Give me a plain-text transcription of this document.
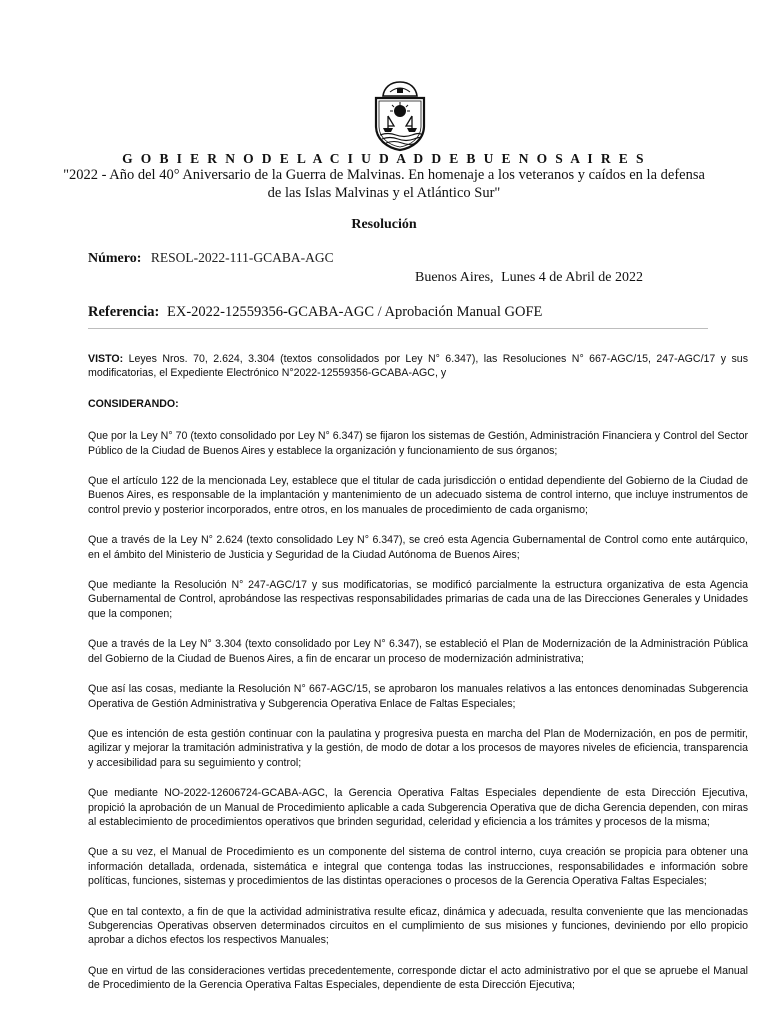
G O B I E R N O D E L A C I U D A D D E B U E N O S A I R E S
"2022 - Año del 40° Aniversario de la Guerra de Malvinas. En homenaje a los veteranos y caídos en la defensa de las Islas Malvinas y el Atlántico Sur"
Resolución
Número: RESOL-2022-111-GCABA-AGC
Buenos Aires, Lunes 4 de Abril de 2022
Referencia: EX-2022-12559356-GCABA-AGC / Aprobación Manual GOFE

VISTO: Leyes Nros. 70, 2.624, 3.304 (textos consolidados por Ley N° 6.347), las Resoluciones N° 667-AGC/15, 247-AGC/17 y sus modificatorias, el Expediente Electrónico N°2022-12559356-GCABA-AGC, y

CONSIDERANDO:

Que por la Ley N° 70 (texto consolidado por Ley N° 6.347) se fijaron los sistemas de Gestión, Administración Financiera y Control del Sector Público de la Ciudad de Buenos Aires y establece la organización y funcionamiento de sus órganos;

Que el artículo 122 de la mencionada Ley, establece que el titular de cada jurisdicción o entidad dependiente del Gobierno de la Ciudad de Buenos Aires, es responsable de la implantación y mantenimiento de un adecuado sistema de control interno, que incluye instrumentos de control previo y posterior incorporados, entre otros, en los manuales de procedimiento de cada organismo;

Que a través de la Ley N° 2.624 (texto consolidado Ley N° 6.347), se creó esta Agencia Gubernamental de Control como ente autárquico, en el ámbito del Ministerio de Justicia y Seguridad de la Ciudad Autónoma de Buenos Aires;

Que mediante la Resolución N° 247-AGC/17 y sus modificatorias, se modificó parcialmente la estructura organizativa de esta Agencia Gubernamental de Control, aprobándose las respectivas responsabilidades primarias de cada una de las Direcciones Generales y Unidades que la componen;

Que a través de la Ley N° 3.304 (texto consolidado por Ley N° 6.347), se estableció el Plan de Modernización de la Administración Pública del Gobierno de la Ciudad de Buenos Aires, a fin de encarar un proceso de modernización administrativa;

Que así las cosas, mediante la Resolución N° 667-AGC/15, se aprobaron los manuales relativos a las entonces denominadas Subgerencia Operativa de Gestión Administrativa y Subgerencia Operativa Enlace de Faltas Especiales;

Que es intención de esta gestión continuar con la paulatina y progresiva puesta en marcha del Plan de Modernización, en pos de permitir, agilizar y mejorar la tramitación administrativa y la gestión, de modo de dotar a los procesos de mayores niveles de eficiencia, transparencia y accesibilidad para su seguimiento y control;

Que mediante NO-2022-12606724-GCABA-AGC, la Gerencia Operativa Faltas Especiales dependiente de esta Dirección Ejecutiva, propició la aprobación de un Manual de Procedimiento aplicable a cada Subgerencia Operativa que de dicha Gerencia dependen, con miras al establecimiento de procedimientos operativos que brinden seguridad, celeridad y eficiencia a los trámites y procesos de la misma;

Que a su vez, el Manual de Procedimiento es un componente del sistema de control interno, cuya creación se propicia para obtener una información detallada, ordenada, sistemática e integral que contenga todas las instrucciones, responsabilidades e información sobre políticas, funciones, sistemas y procedimientos de las distintas operaciones o procesos de la Gerencia Operativa Faltas Especiales;

Que en tal contexto, a fin de que la actividad administrativa resulte eficaz, dinámica y adecuada, resulta conveniente que las mencionadas Subgerencias Operativas observen determinados circuitos en el cumplimiento de sus misiones y funciones, deviniendo por ello propicio aprobar a dichos efectos los respectivos Manuales;

Que en virtud de las consideraciones vertidas precedentemente, corresponde dictar el acto administrativo por el que se apruebe el Manual de Procedimiento de la Gerencia Operativa Faltas Especiales, dependiente de esta Dirección Ejecutiva;
